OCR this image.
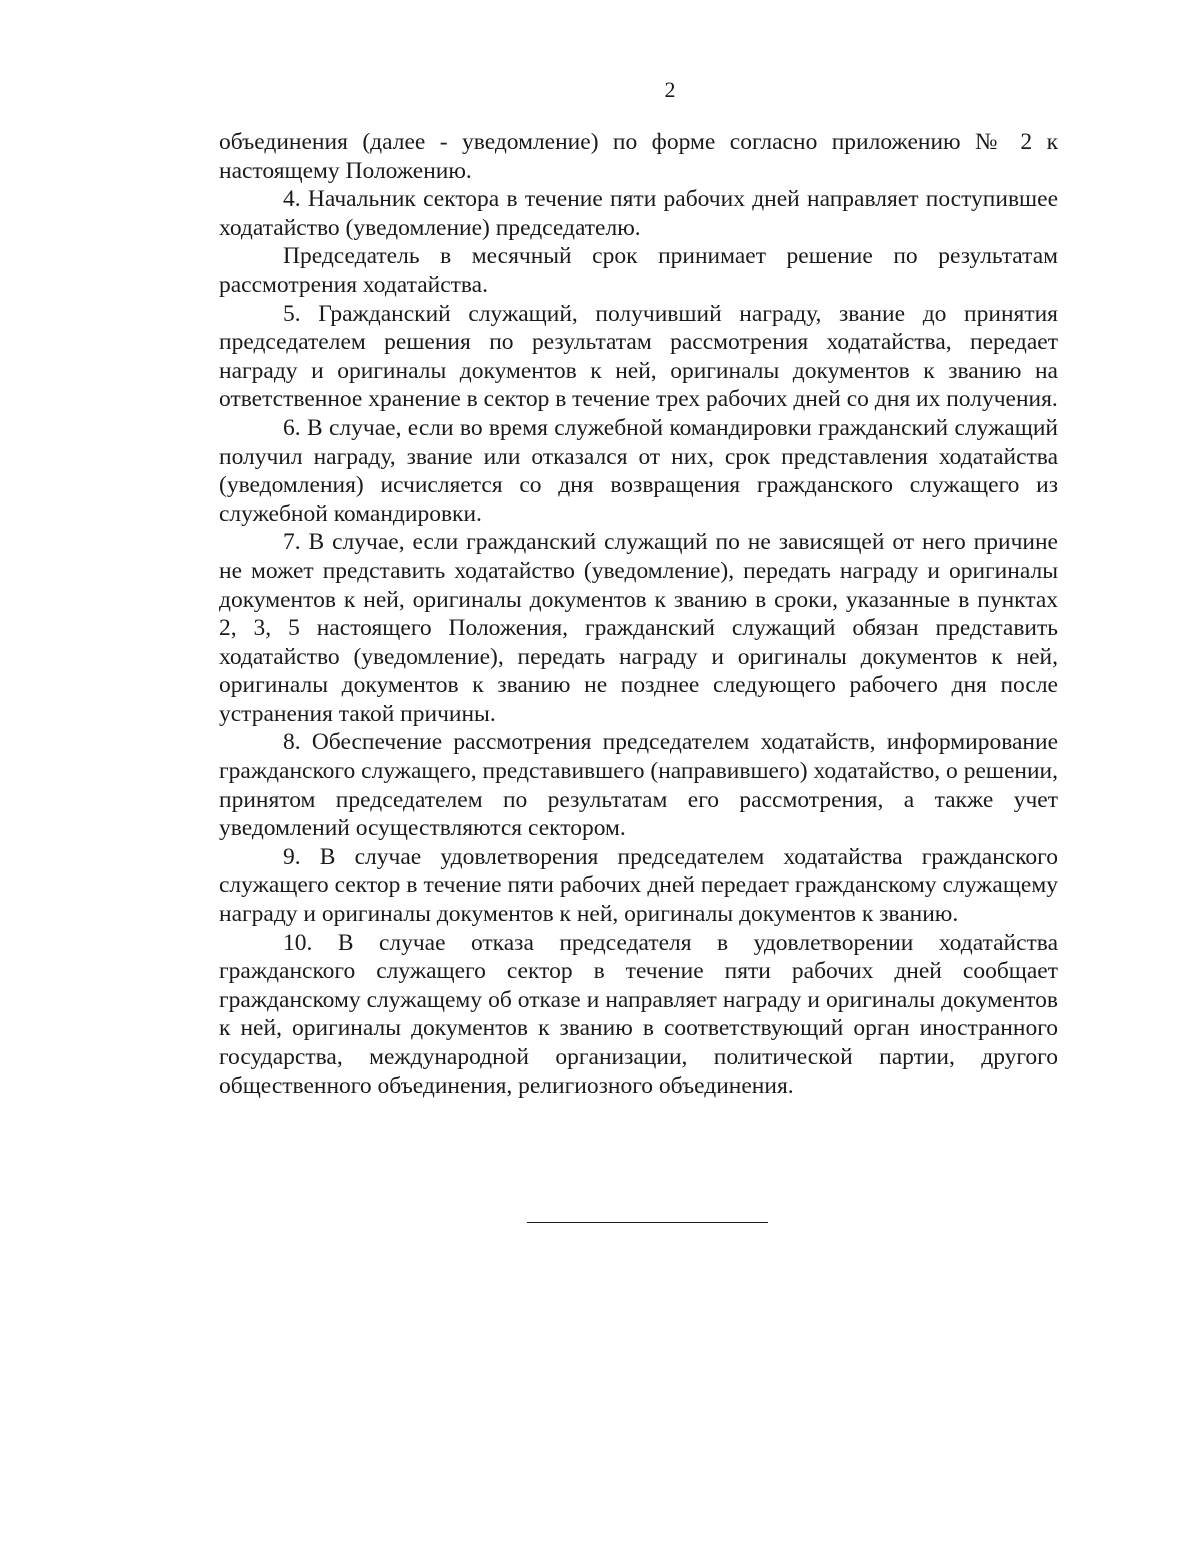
2

объединения (далее - уведомление) по форме согласно приложению № 2 к настоящему Положению.

4. Начальник сектора в течение пяти рабочих дней направляет поступившее ходатайство (уведомление) председателю.

Председатель в месячный срок принимает решение по результатам рассмотрения ходатайства.

5. Гражданский служащий, получивший награду, звание до принятия председателем решения по результатам рассмотрения ходатайства, передает награду и оригиналы документов к ней, оригиналы документов к званию на ответственное хранение в сектор в течение трех рабочих дней со дня их получения.

6. В случае, если во время служебной командировки гражданский служащий получил награду, звание или отказался от них, срок представления ходатайства (уведомления) исчисляется со дня возвращения гражданского служащего из служебной командировки.

7. В случае, если гражданский служащий по не зависящей от него причине не может представить ходатайство (уведомление), передать награду и оригиналы документов к ней, оригиналы документов к званию в сроки, указанные в пунктах 2, 3, 5 настоящего Положения, гражданский служащий обязан представить ходатайство (уведомление), передать награду и оригиналы документов к ней, оригиналы документов к званию не позднее следующего рабочего дня после устранения такой причины.

8. Обеспечение рассмотрения председателем ходатайств, информирование гражданского служащего, представившего (направившего) ходатайство, о решении, принятом председателем по результатам его рассмотрения, а также учет уведомлений осуществляются сектором.

9. В случае удовлетворения председателем ходатайства гражданского служащего сектор в течение пяти рабочих дней передает гражданскому служащему награду и оригиналы документов к ней, оригиналы документов к званию.

10. В случае отказа председателя в удовлетворении ходатайства гражданского служащего сектор в течение пяти рабочих дней сообщает гражданскому служащему об отказе и направляет награду и оригиналы документов к ней, оригиналы документов к званию в соответствующий орган иностранного государства, международной организации, политической партии, другого общественного объединения, религиозного объединения.
